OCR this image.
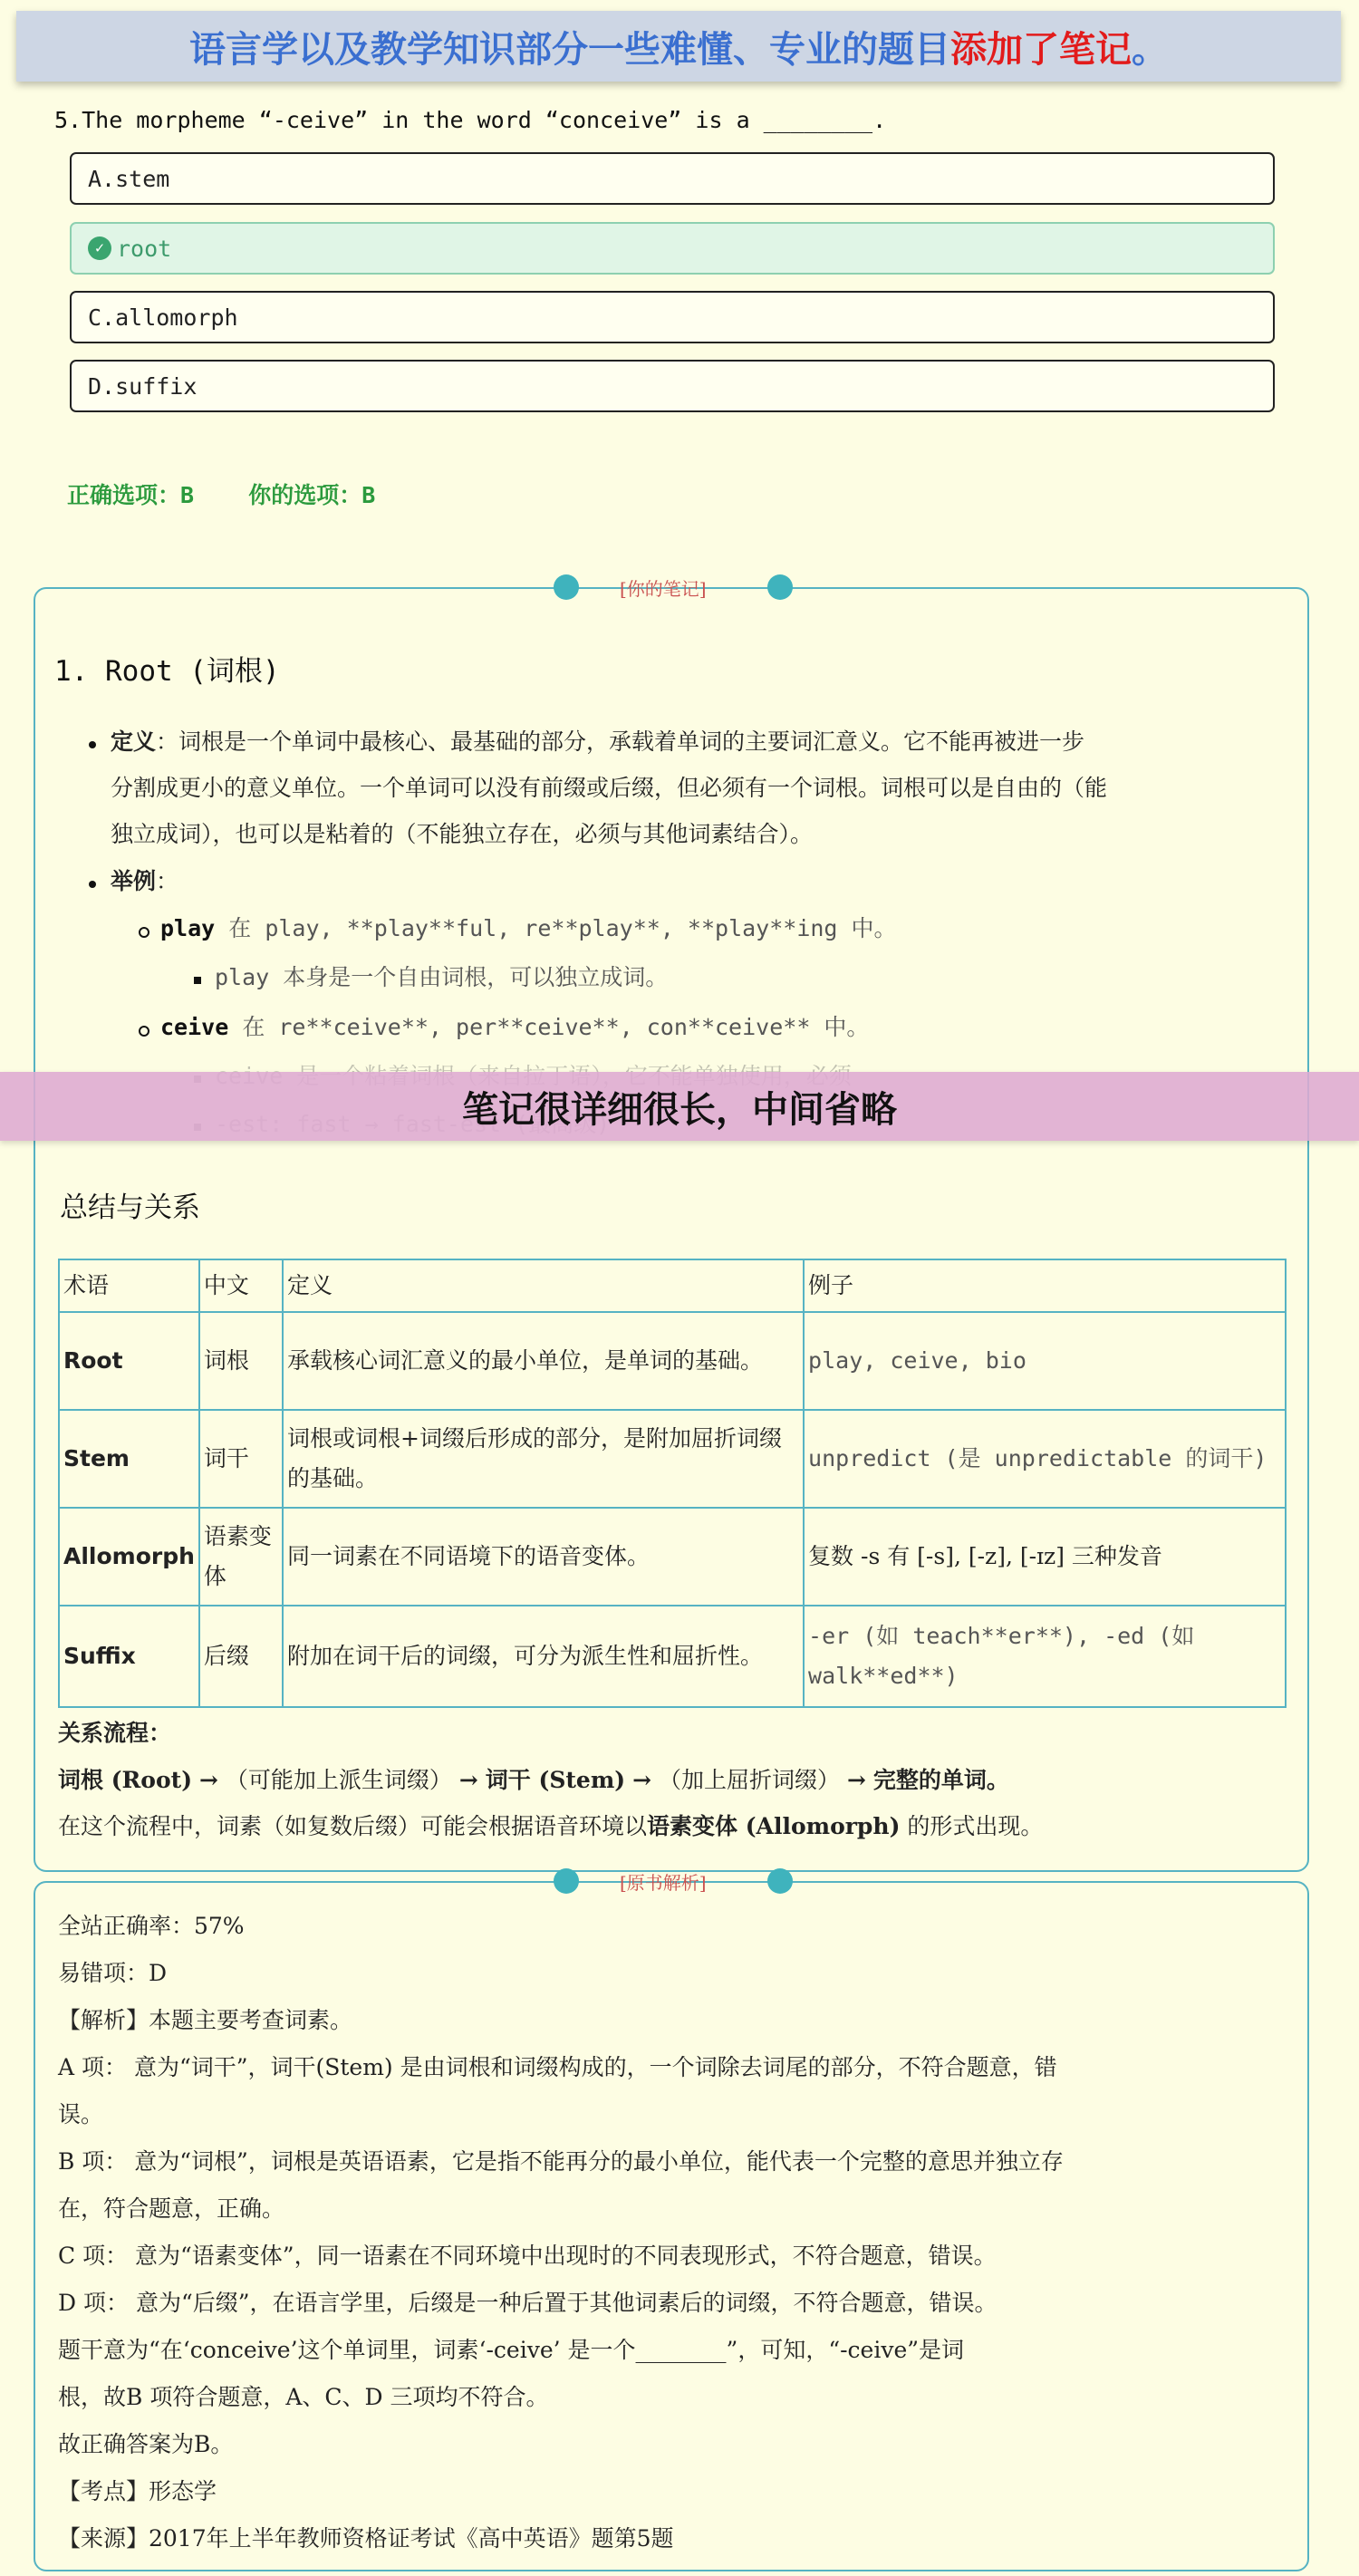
语言学以及教学知识部分一些难懂、专业的题目 添加了笔记 。
5.The morpheme “-ceive” in the word “conceive” is a ________.
A.stem
✓ root
C.allomorph
D.suffix
正确选项：B 你的选项：B
[你的笔记]
1. Root (词根)
定义：词根是一个单词中最核心、最基础的部分，承载着单词的主要词汇意义。它不能再被进一步
分割成更小的意义单位。一个单词可以没有前缀或后缀，但必须有一个词根。词根可以是自由的（能
独立成词），也可以是粘着的（不能独立存在，必须与其他词素结合）。
举例：
play 在 play, **play**ful, re**play**, **play**ing 中。
play 本身是一个自由词根，可以独立成词。
ceive 在 re**ceive**, per**ceive**, con**ceive** 中。
笔记很详细很长，中间省略
总结与关系
术语	中文	定义	例子
Root	词根	承载核心词汇意义的最小单位，是单词的基础。	play, ceive, bio
Stem	词干	词根或词根+词缀后形成的部分，是附加屈折词缀的基础。	unpredict (是 unpredictable 的词干)
Allomorph	语素变体	同一词素在不同语境下的语音变体。	复数 -s 有 [-s], [-z], [-ɪz] 三种发音
Suffix	后缀	附加在词干后的词缀，可分为派生性和屈折性。	-er (如 teach**er**), -ed (如 walk**ed**)
关系流程：
词根 (Root) → （可能加上派生词缀） → 词干 (Stem) → （加上屈折词缀） → 完整的单词。
在这个流程中，词素（如复数后缀）可能会根据语音环境以语素变体 (Allomorph) 的形式出现。
[原书解析]
全站正确率：57%
易错项：D
【解析】本题主要考查词素。
A 项： 意为“词干”，词干(Stem) 是由词根和词缀构成的，一个词除去词尾的部分，不符合题意，错
误。
B 项： 意为“词根”，词根是英语语素，它是指不能再分的最小单位，能代表一个完整的意思并独立存
在，符合题意，正确。
C 项： 意为“语素变体”，同一语素在不同环境中出现时的不同表现形式，不符合题意，错误。
D 项： 意为“后缀”，在语言学里，后缀是一种后置于其他词素后的词缀，不符合题意，错误。
题干意为“在‘conceive’这个单词里，词素‘-ceive’ 是一个________”，可知，“-ceive”是词
根，故B 项符合题意，A、C、D 三项均不符合。
故正确答案为B。
【考点】形态学
【来源】2017年上半年教师资格证考试《高中英语》题第5题
